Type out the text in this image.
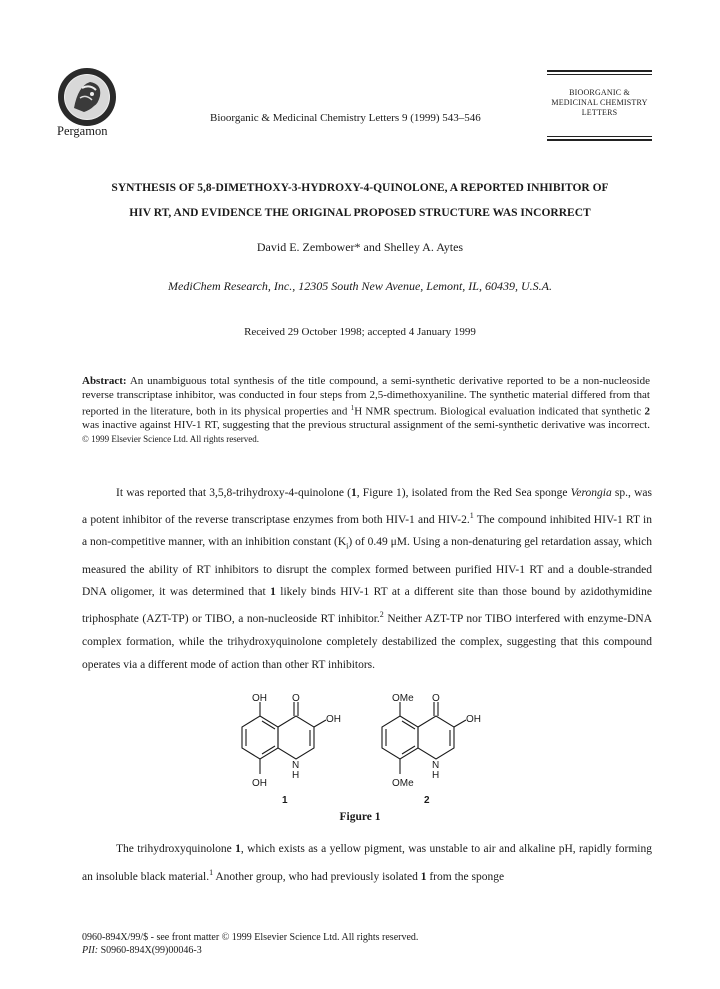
Pergamon
Bioorganic & Medicinal Chemistry Letters 9 (1999) 543–546
BIOORGANIC &
MEDICINAL CHEMISTRY
LETTERS
SYNTHESIS OF 5,8-DIMETHOXY-3-HYDROXY-4-QUINOLONE, A REPORTED INHIBITOR OF
HIV RT, AND EVIDENCE THE ORIGINAL PROPOSED STRUCTURE WAS INCORRECT
David E. Zembower* and Shelley A. Aytes
MediChem Research, Inc., 12305 South New Avenue, Lemont, IL, 60439, U.S.A.
Received 29 October 1998; accepted 4 January 1999
Abstract: An unambiguous total synthesis of the title compound, a semi-synthetic derivative reported to be a non-nucleoside reverse transcriptase inhibitor, was conducted in four steps from 2,5-dimethoxyaniline. The synthetic material differed from that reported in the literature, both in its physical properties and $^1$H NMR spectrum. Biological evaluation indicated that synthetic 2 was inactive against HIV-1 RT, suggesting that the previous structural assignment of the semi-synthetic derivative was incorrect. © 1999 Elsevier Science Ltd. All rights reserved.
It was reported that 3,5,8-trihydroxy-4-quinolone (1, Figure 1), isolated from the Red Sea sponge Verongia sp., was a potent inhibitor of the reverse transcriptase enzymes from both HIV-1 and HIV-2.$^1$ The compound inhibited HIV-1 RT in a non-competitive manner, with an inhibition constant $(K_i)$ of 0.49 μM. Using a non-denaturing gel retardation assay, which measured the ability of RT inhibitors to disrupt the complex formed between purified HIV-1 RT and a double-stranded DNA oligomer, it was determined that 1 likely binds HIV-1 RT at a different site than those bound by azidothymidine triphosphate (AZT-TP) or TIBO, a non-nucleoside RT inhibitor.$^2$ Neither AZT-TP nor TIBO interfered with enzyme-DNA complex formation, while the trihydroxyquinolone completely destabilized the complex, suggesting that this compound operates via a different mode of action than other RT inhibitors.
OH	O
OH
N
H
OH
1
OMe O
OH
N
H
OMe
2
Figure 1
The trihydroxyquinolone 1, which exists as a yellow pigment, was unstable to air and alkaline pH, rapidly forming an insoluble black material.$^1$ Another group, who had previously isolated 1 from the sponge
0960-894X/99/$ - see front matter © 1999 Elsevier Science Ltd. All rights reserved.
PII: S0960-894X(99)00046-3
